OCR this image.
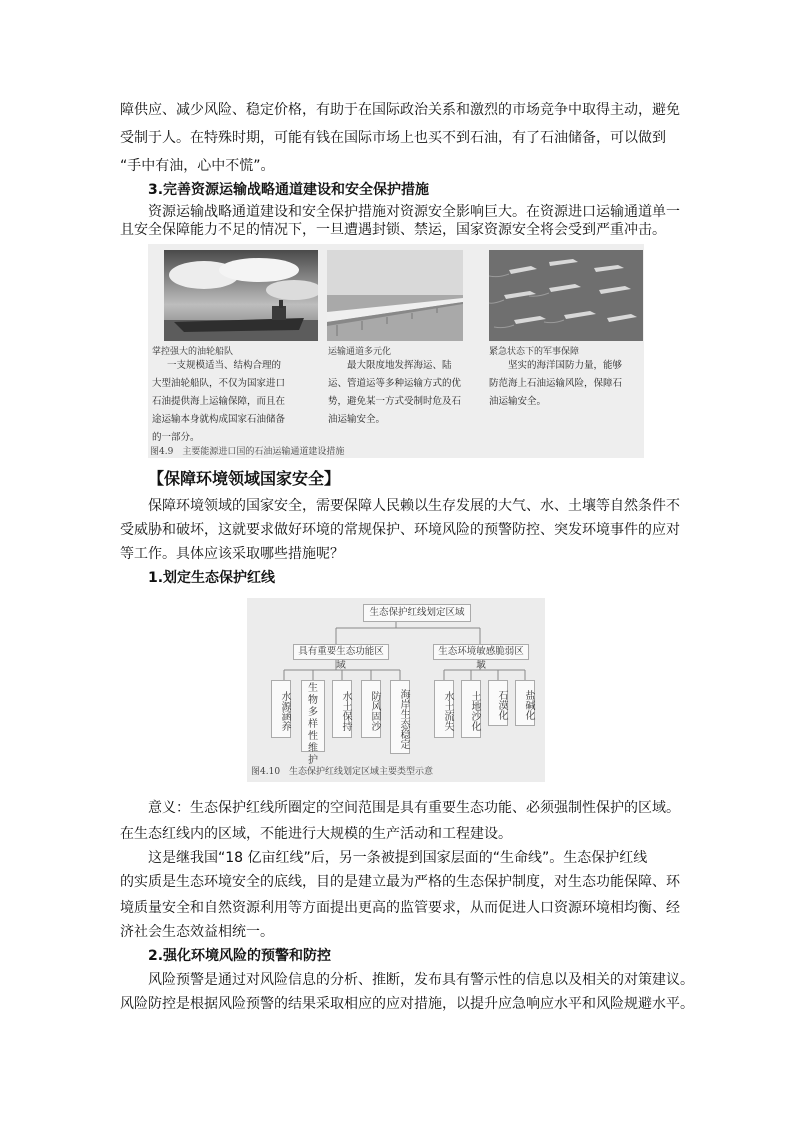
障供应、减少风险、稳定价格，有助于在国际政治关系和激烈的市场竞争中取得主动，避免
受制于人。在特殊时期，可能有钱在国际市场上也买不到石油，有了石油储备，可以做到
“手中有油，心中不慌”。
3.完善资源运输战略通道建设和安全保护措施
资源运输战略通道建设和安全保护措施对资源安全影响巨大。在资源进口运输通道单一
且安全保障能力不足的情况下，一旦遭遇封锁、禁运，国家资源安全将会受到严重冲击。
掌控强大的油轮船队
一支规模适当、结构合理的
大型油轮船队，不仅为国家进口
石油提供海上运输保障，而且在
途运输本身就构成国家石油储备
的一部分。
运输通道多元化
最大限度地发挥海运、陆
运、管道运等多种运输方式的优
势，避免某一方式受制时危及石
油运输安全。
紧急状态下的军事保障
坚实的海洋国防力量，能够
防范海上石油运输风险，保障石
油运输安全。
图4.9　主要能源进口国的石油运输通道建设措施
【保障环境领域国家安全】
保障环境领域的国家安全，需要保障人民赖以生存发展的大气、水、土壤等自然条件不
受威胁和破坏，这就要求做好环境的常规保护、环境风险的预警防控、突发环境事件的应对
等工作。具体应该采取哪些措施呢？
1.划定生态保护红线
生态保护红线划定区域
具有重要生态功能区域
生态环境敏感脆弱区域
水源涵养
生物多样性维护
水土保持	防风固沙	海岸生态稳定	水土流失	土地沙化	石漠化	盐碱化
图4.10　生态保护红线划定区域主要类型示意
意义：生态保护红线所圈定的空间范围是具有重要生态功能、必须强制性保护的区域。
在生态红线内的区域，不能进行大规模的生产活动和工程建设。
这是继我国“18 亿亩红线”后，另一条被提到国家层面的“生命线”。生态保护红线
的实质是生态环境安全的底线，目的是建立最为严格的生态保护制度，对生态功能保障、环
境质量安全和自然资源利用等方面提出更高的监管要求，从而促进人口资源环境相均衡、经
济社会生态效益相统一。
2.强化环境风险的预警和防控
风险预警是通过对风险信息的分析、推断，发布具有警示性的信息以及相关的对策建议。
风险防控是根据风险预警的结果采取相应的应对措施，以提升应急响应水平和风险规避水平。
